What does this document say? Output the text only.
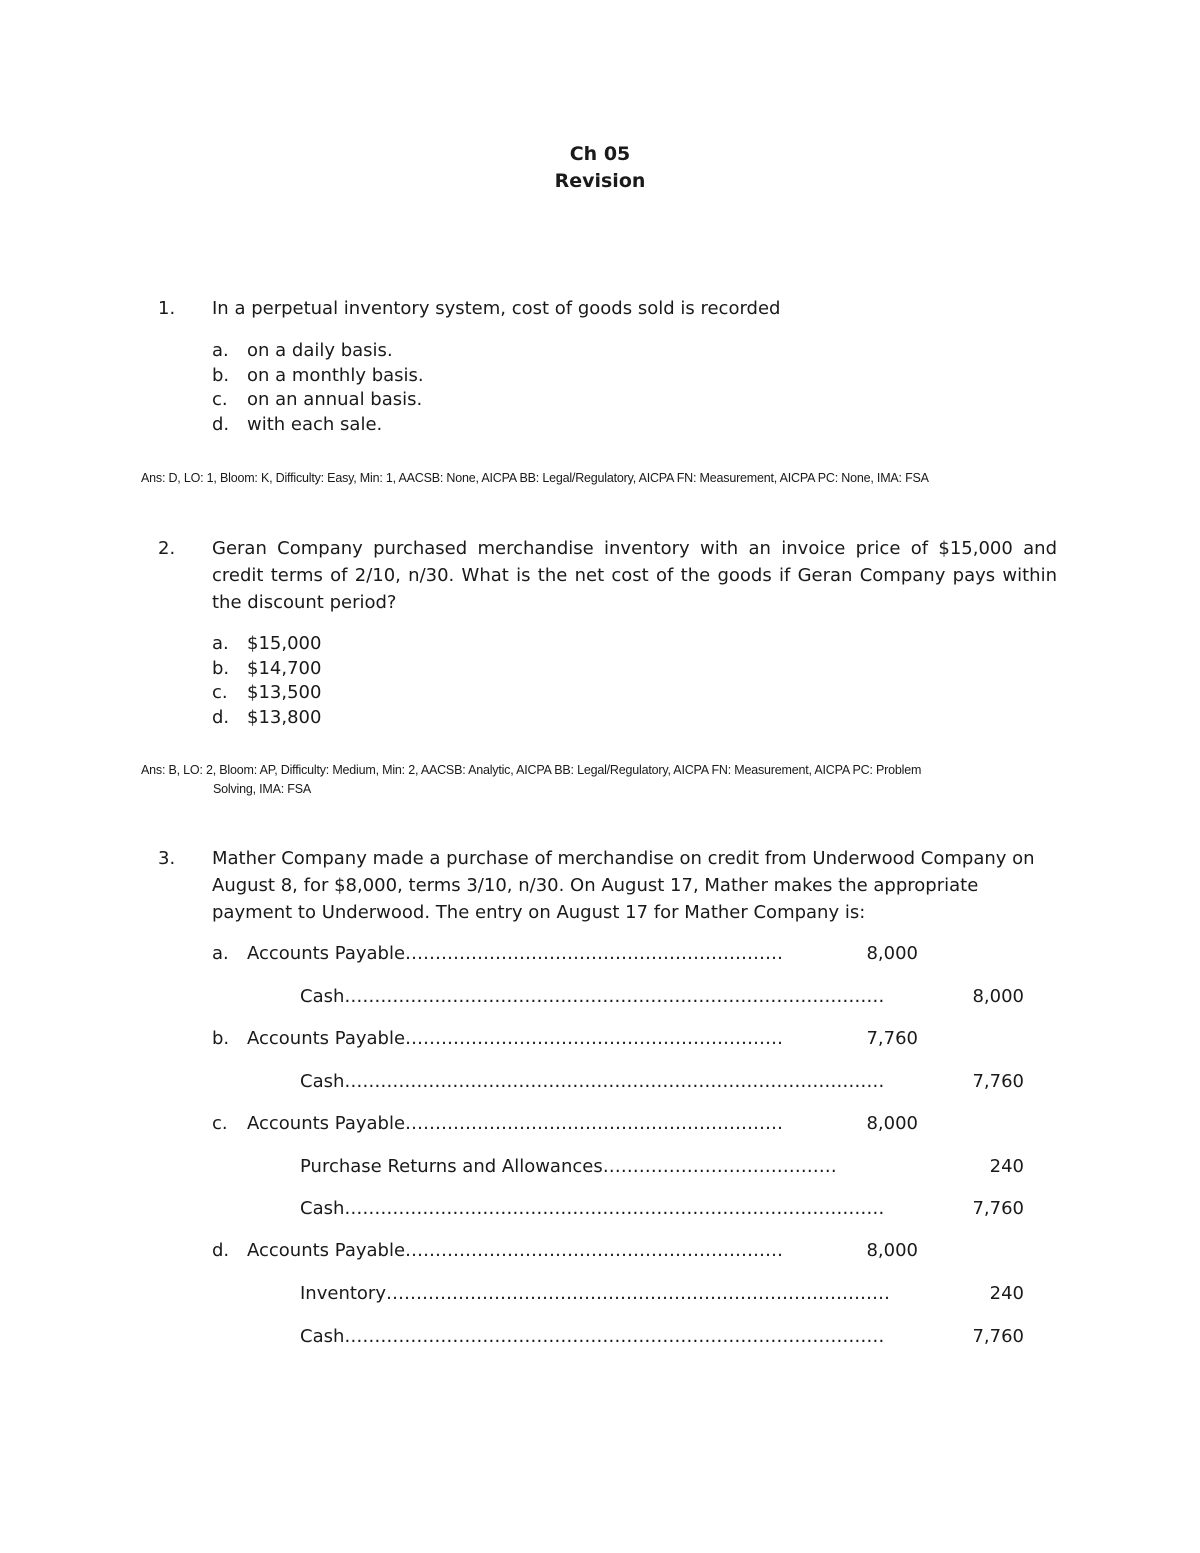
Ch 05
Revision
1. In a perpetual inventory system, cost of goods sold is recorded
a. on a daily basis.
b. on a monthly basis.
c. on an annual basis.
d. with each sale.
Ans: D, LO: 1, Bloom: K, Difficulty: Easy, Min: 1, AACSB: None, AICPA BB: Legal/Regulatory, AICPA FN: Measurement, AICPA PC: None, IMA: FSA
2. Geran Company purchased merchandise inventory with an invoice price of $15,000 and credit terms of 2/10, n/30. What is the net cost of the goods if Geran Company pays within the discount period?
a. $15,000
b. $14,700
c. $13,500
d. $13,800
Ans: B, LO: 2, Bloom: AP, Difficulty: Medium, Min: 2, AACSB: Analytic, AICPA BB: Legal/Regulatory, AICPA FN: Measurement, AICPA PC: Problem
Solving, IMA: FSA
3. Mather Company made a purchase of merchandise on credit from Underwood Company on August 8, for $8,000, terms 3/10, n/30. On August 17, Mather makes the appropriate payment to Underwood. The entry on August 17 for Mather Company is:
a. Accounts Payable………………………………………………………	8,000
Cash………………………………………………………………………………	8,000
b. Accounts Payable………………………………………………………	7,760
Cash………………………………………………………………………………	7,760
c. Accounts Payable………………………………………………………	8,000
Purchase Returns and Allowances…………………………………	240
Cash………………………………………………………………………………	7,760
d. Accounts Payable………………………………………………………	8,000
Inventory…………………………………………………………………………	240
Cash………………………………………………………………………………	7,760
